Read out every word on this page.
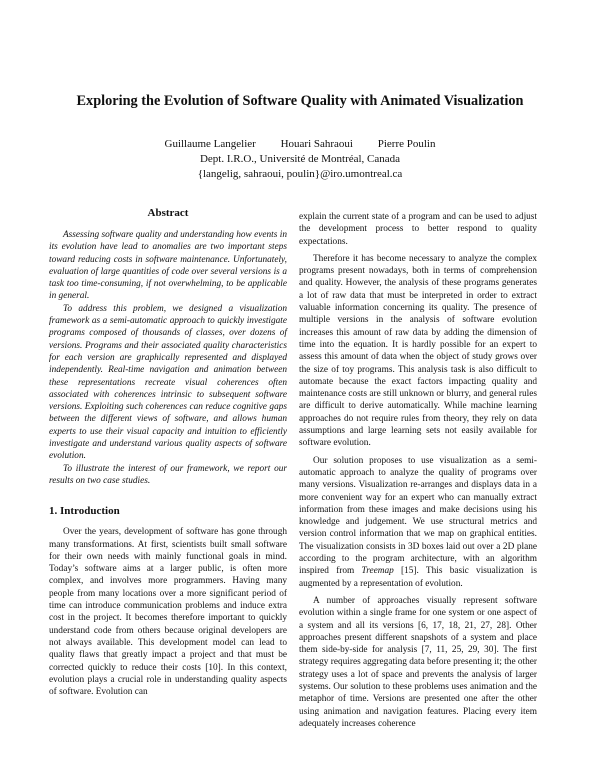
Exploring the Evolution of Software Quality with Animated Visualization
Guillaume Langelier Houari Sahraoui Pierre Poulin
Dept. I.R.O., Université de Montréal, Canada
{langelig, sahraoui, poulin}@iro.umontreal.ca
Abstract

Assessing software quality and understanding how events in its evolution have lead to anomalies are two important steps toward reducing costs in software maintenance. Unfortunately, evaluation of large quantities of code over several versions is a task too time-consuming, if not overwhelming, to be applicable in general.

To address this problem, we designed a visualization framework as a semi-automatic approach to quickly investigate programs composed of thousands of classes, over dozens of versions. Programs and their associated quality characteristics for each version are graphically represented and displayed independently. Real-time navigation and animation between these representations recreate visual coherences often associated with coherences intrinsic to subsequent software versions. Exploiting such coherences can reduce cognitive gaps between the different views of software, and allows human experts to use their visual capacity and intuition to efficiently investigate and understand various quality aspects of software evolution.

To illustrate the interest of our framework, we report our results on two case studies.

1. Introduction

Over the years, development of software has gone through many transformations. At first, scientists built small software for their own needs with mainly functional goals in mind. Today’s software aims at a larger public, is often more complex, and involves more programmers. Having many people from many locations over a more significant period of time can introduce communication problems and induce extra cost in the project. It becomes therefore important to quickly understand code from others because original developers are not always available. This development model can lead to quality flaws that greatly impact a project and that must be corrected quickly to reduce their costs [10]. In this context, evolution plays a crucial role in understanding quality aspects of software. Evolution can

explain the current state of a program and can be used to adjust the development process to better respond to quality expectations.

Therefore it has become necessary to analyze the complex programs present nowadays, both in terms of comprehension and quality. However, the analysis of these programs generates a lot of raw data that must be interpreted in order to extract valuable information concerning its quality. The presence of multiple versions in the analysis of software evolution increases this amount of raw data by adding the dimension of time into the equation. It is hardly possible for an expert to assess this amount of data when the object of study grows over the size of toy programs. This analysis task is also difficult to automate because the exact factors impacting quality and maintenance costs are still unknown or blurry, and general rules are difficult to derive automatically. While machine learning approaches do not require rules from theory, they rely on data assumptions and large learning sets not easily available for software evolution.

Our solution proposes to use visualization as a semi-automatic approach to analyze the quality of programs over many versions. Visualization re-arranges and displays data in a more convenient way for an expert who can manually extract information from these images and make decisions using his knowledge and judgement. We use structural metrics and version control information that we map on graphical entities. The visualization consists in 3D boxes laid out over a 2D plane according to the program architecture, with an algorithm inspired from Treemap [15]. This basic visualization is augmented by a representation of evolution.

A number of approaches visually represent software evolution within a single frame for one system or one aspect of a system and all its versions [6, 17, 18, 21, 27, 28]. Other approaches present different snapshots of a system and place them side-by-side for analysis [7, 11, 25, 29, 30]. The first strategy requires aggregating data before presenting it; the other strategy uses a lot of space and prevents the analysis of larger systems. Our solution to these problems uses animation and the metaphor of time. Versions are presented one after the other using animation and navigation features. Placing every item adequately increases coherence
